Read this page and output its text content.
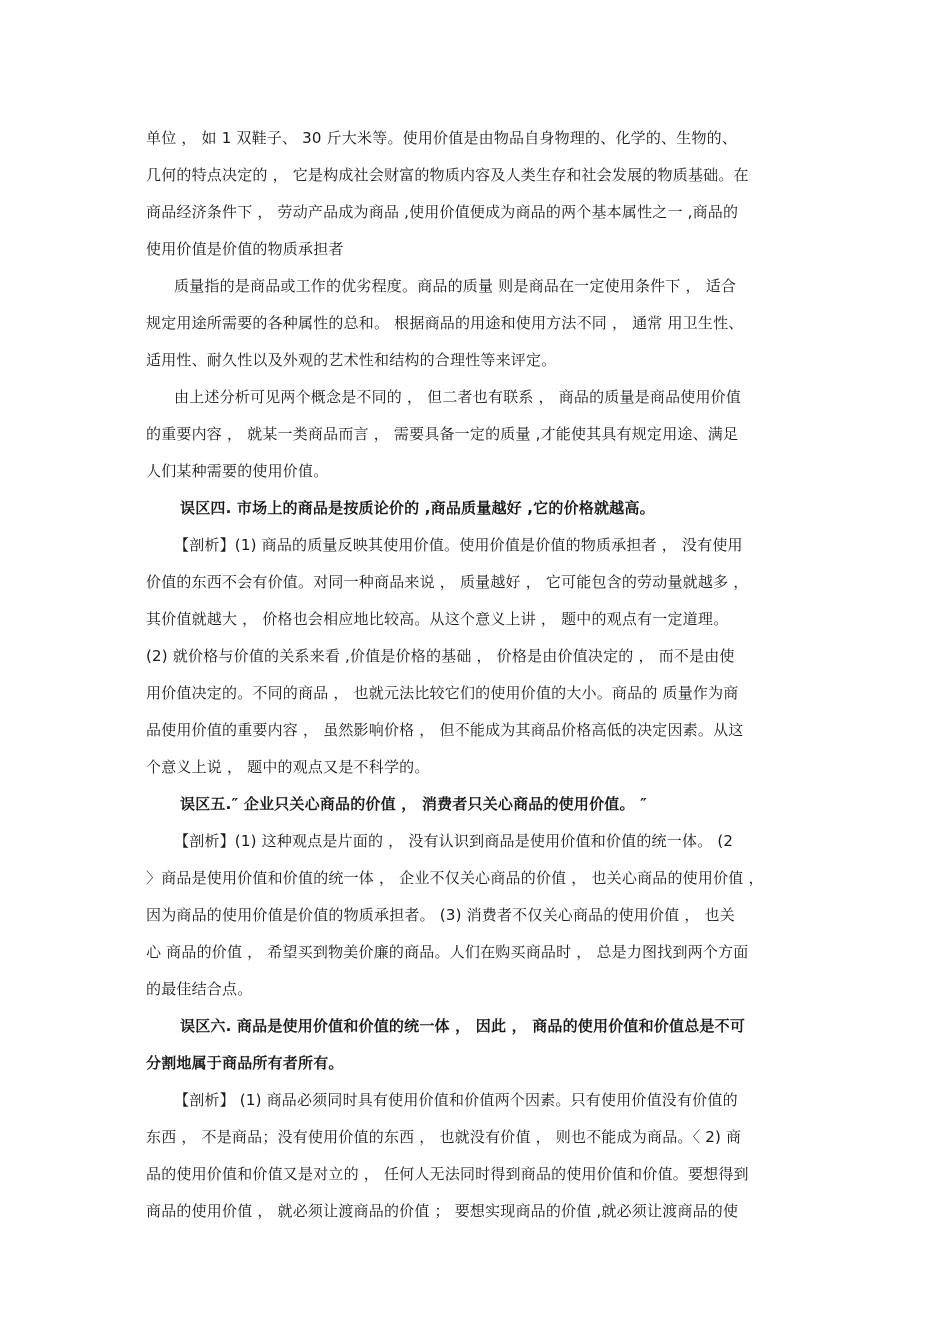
单位 ， 如 1 双鞋子、 30 斤大米等。使用价值是由物品自身物理的、化学的、生物的、
几何的特点决定的 ， 它是构成社会财富的物质内容及人类生存和社会发展的物质基础。在
商品经济条件下 ， 劳动产品成为商品 ,使用价值便成为商品的两个基本属性之一 ,商品的
使用价值是价值的物质承担者
质量指的是商品或工作的优劣程度。商品的质量 则是商品在一定使用条件下 ， 适合
规定用途所需要的各种属性的总和。 根据商品的用途和使用方法不同 ， 通常 用卫生性、
适用性、耐久性以及外观的艺术性和结构的合理性等来评定。
由上述分析可见两个概念是不同的 ， 但二者也有联系 ， 商品的质量是商品使用价值
的重要内容 ， 就某一类商品而言 ， 需要具备一定的质量 ,才能使其具有规定用途、满足
人们某种需要的使用价值。
误区四. 市场上的商品是按质论价的 ,商品质量越好 ,它的价格就越高。
【剖析】(1) 商品的质量反映其使用价值。使用价值是价值的物质承担者 ， 没有使用
价值的东西不会有价值。对同一种商品来说 ， 质量越好 ， 它可能包含的劳动量就越多 ，
其价值就越大 ， 价格也会相应地比较高。从这个意义上讲 ， 题中的观点有一定道理。
(2) 就价格与价值的关系来看 ,价值是价格的基础 ， 价格是由价值决定的 ， 而不是由使
用价值决定的。不同的商品 ， 也就元法比较它们的使用价值的大小。商品的 质量作为商
品使用价值的重要内容 ， 虽然影响价格 ， 但不能成为其商品价格高低的决定因素。从这
个意义上说 ， 题中的观点又是不科学的。
误区五.″ 企业只关心商品的价值 ， 消费者只关心商品的使用价值。 ″
【剖析】(1) 这种观点是片面的 ， 没有认识到商品是使用价值和价值的统一体。 (2
〉商品是使用价值和价值的统一体 ， 企业不仅关心商品的价值 ， 也关心商品的使用价值 ，
因为商品的使用价值是价值的物质承担者。 (3) 消费者不仅关心商品的使用价值 ， 也关
心 商品的价值 ， 希望买到物美价廉的商品。人们在购买商品时 ， 总是力图找到两个方面
的最佳结合点。
误区六. 商品是使用价值和价值的统一体 ， 因此 ， 商品的使用价值和价值总是不可
分割地属于商品所有者所有。
【剖析】 (1) 商品必须同时具有使用价值和价值两个因素。只有使用价值没有价值的
东西 ， 不是商品；没有使用价值的东西 ， 也就没有价值 ， 则也不能成为商品。〈 2) 商
品的使用价值和价值又是对立的 ， 任何人无法同时得到商品的使用价值和价值。要想得到
商品的使用价值 ， 就必须让渡商品的价值 ； 要想实现商品的价值 ,就必须让渡商品的使
